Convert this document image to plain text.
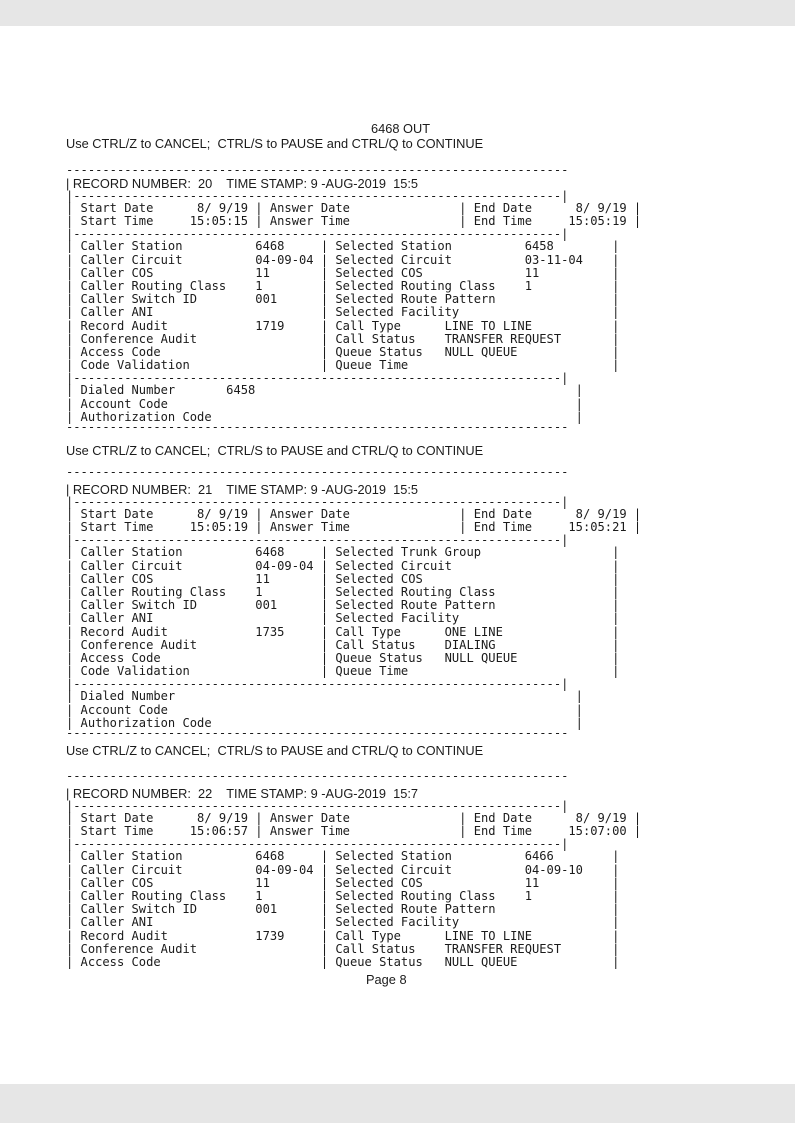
6468 OUT

Use CTRL/Z to CANCEL;  CTRL/S to PAUSE and CTRL/Q to CONTINUE

---------------------------------------------------------------------

| RECORD NUMBER:  20    TIME STAMP: 9 -AUG-2019  15:5

|-------------------------------------------------------------------|

| Start Date      8/ 9/19 | Answer Date               | End Date      8/ 9/19 |

| Start Time     15:05:15 | Answer Time               | End Time     15:05:19 |

|-------------------------------------------------------------------|

| Caller Station          6468     | Selected Station          6458        |

| Caller Circuit          04-09-04 | Selected Circuit          03-11-04    |

| Caller COS              11       | Selected COS              11          |

| Caller Routing Class    1        | Selected Routing Class    1           |

| Caller Switch ID        001      | Selected Route Pattern                |

| Caller ANI                       | Selected Facility                     |

| Record Audit            1719     | Call Type      LINE TO LINE           |

| Conference Audit                 | Call Status    TRANSFER REQUEST       |

| Access Code                      | Queue Status   NULL QUEUE             |

| Code Validation                  | Queue Time                            |

|-------------------------------------------------------------------|

| Dialed Number       6458                                            |

| Account Code                                                        |

| Authorization Code                                                  |

---------------------------------------------------------------------

Use CTRL/Z to CANCEL;  CTRL/S to PAUSE and CTRL/Q to CONTINUE

---------------------------------------------------------------------

| RECORD NUMBER:  21    TIME STAMP: 9 -AUG-2019  15:5

|-------------------------------------------------------------------|

| Start Date      8/ 9/19 | Answer Date               | End Date      8/ 9/19 |

| Start Time     15:05:19 | Answer Time               | End Time     15:05:21 |

|-------------------------------------------------------------------|

| Caller Station          6468     | Selected Trunk Group                  |

| Caller Circuit          04-09-04 | Selected Circuit                      |

| Caller COS              11       | Selected COS                          |

| Caller Routing Class    1        | Selected Routing Class                |

| Caller Switch ID        001      | Selected Route Pattern                |

| Caller ANI                       | Selected Facility                     |

| Record Audit            1735     | Call Type      ONE LINE               |

| Conference Audit                 | Call Status    DIALING                |

| Access Code                      | Queue Status   NULL QUEUE             |

| Code Validation                  | Queue Time                            |

|-------------------------------------------------------------------|

| Dialed Number                                                       |

| Account Code                                                        |

| Authorization Code                                                  |

---------------------------------------------------------------------

Use CTRL/Z to CANCEL;  CTRL/S to PAUSE and CTRL/Q to CONTINUE

---------------------------------------------------------------------

| RECORD NUMBER:  22    TIME STAMP: 9 -AUG-2019  15:7

|-------------------------------------------------------------------|

| Start Date      8/ 9/19 | Answer Date               | End Date      8/ 9/19 |

| Start Time     15:06:57 | Answer Time               | End Time     15:07:00 |

|-------------------------------------------------------------------|

| Caller Station          6468     | Selected Station          6466        |

| Caller Circuit          04-09-04 | Selected Circuit          04-09-10    |

| Caller COS              11       | Selected COS              11          |

| Caller Routing Class    1        | Selected Routing Class    1           |

| Caller Switch ID        001      | Selected Route Pattern                |

| Caller ANI                       | Selected Facility                     |

| Record Audit            1739     | Call Type      LINE TO LINE           |

| Conference Audit                 | Call Status    TRANSFER REQUEST       |

| Access Code                      | Queue Status   NULL QUEUE             |

Page 8
